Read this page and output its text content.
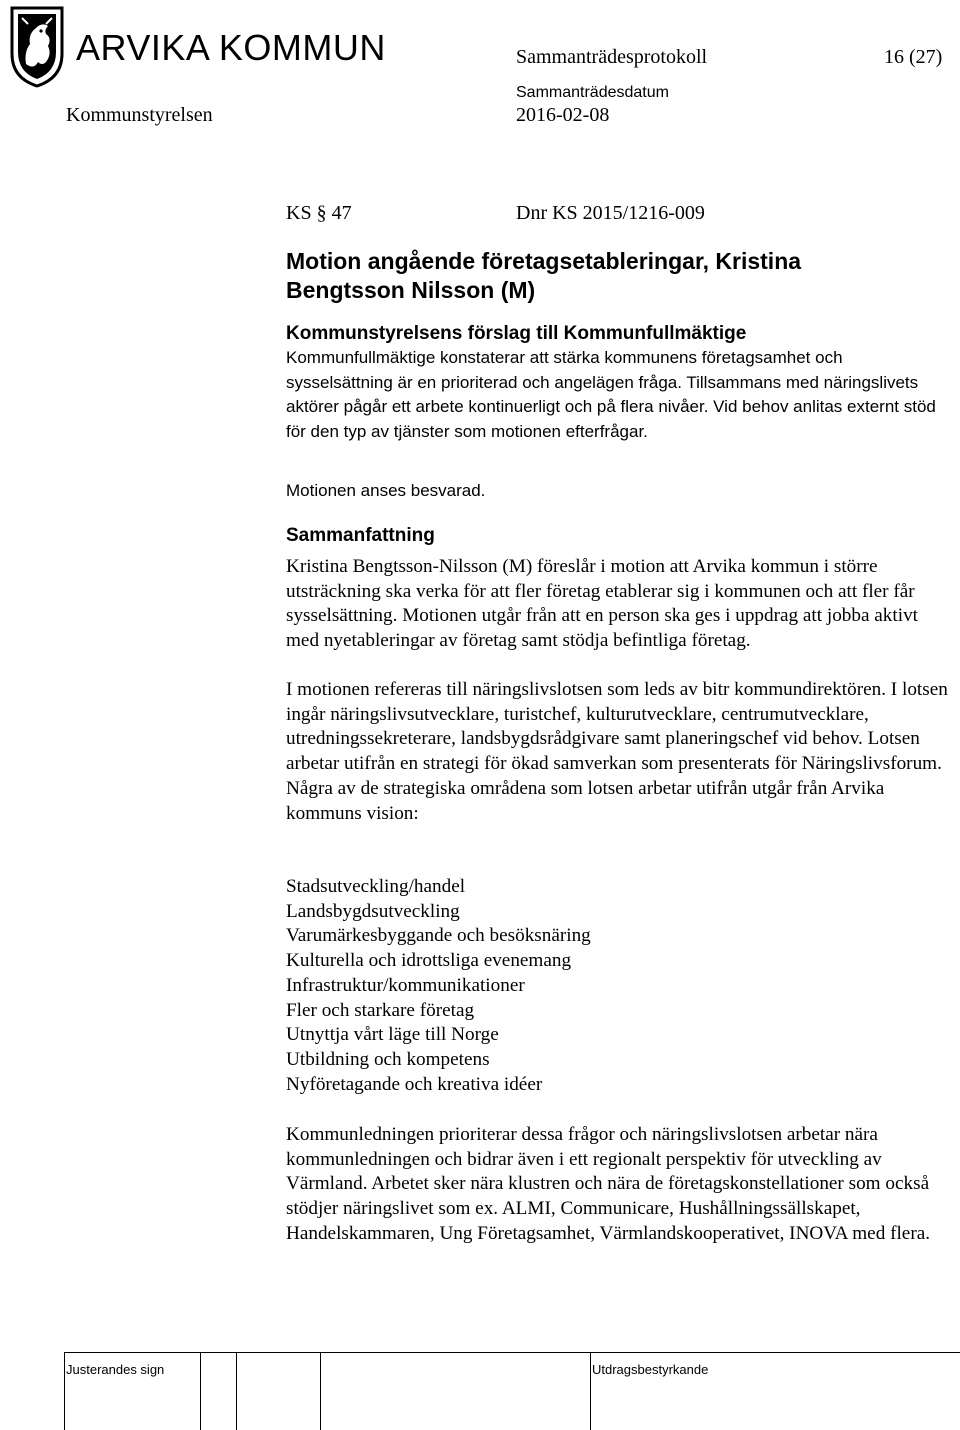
ARVIKA KOMMUN	Sammanträdesprotokoll	16 (27)
Sammanträdesdatum
Kommunstyrelsen	2016-02-08
KS § 47	Dnr KS 2015/1216-009
Motion angående företagsetableringar, Kristina Bengtsson Nilsson (M)
Kommunstyrelsens förslag till Kommunfullmäktige
Kommunfullmäktige konstaterar att stärka kommunens företagsamhet och sysselsättning är en prioriterad och angelägen fråga. Tillsammans med näringslivets aktörer pågår ett arbete kontinuerligt och på flera nivåer. Vid behov anlitas externt stöd för den typ av tjänster som motionen efterfrågar.
Motionen anses besvarad.
Sammanfattning
Kristina Bengtsson-Nilsson (M) föreslår i motion att Arvika kommun i större utsträckning ska verka för att fler företag etablerar sig i kommunen och att fler får sysselsättning. Motionen utgår från att en person ska ges i uppdrag att jobba aktivt med nyetableringar av företag samt stödja befintliga företag.
I motionen refereras till näringslivslotsen som leds av bitr kommundirektören. I lotsen ingår näringslivsutvecklare, turistchef, kulturutvecklare, centrumutvecklare, utredningssekreterare, landsbygdsrådgivare samt planeringschef vid behov. Lotsen arbetar utifrån en strategi för ökad samverkan som presenterats för Näringslivsforum. Några av de strategiska områdena som lotsen arbetar utifrån utgår från Arvika kommuns vision:
Stadsutveckling/handel
Landsbygdsutveckling
Varumärkesbyggande och besöksnäring
Kulturella och idrottsliga evenemang
Infrastruktur/kommunikationer
Fler och starkare företag
Utnyttja vårt läge till Norge
Utbildning och kompetens
Nyföretagande och kreativa idéer
Kommunledningen prioriterar dessa frågor och näringslivslotsen arbetar nära kommunledningen och bidrar även i ett regionalt perspektiv för utveckling av Värmland. Arbetet sker nära klustren och nära de företagskonstellationer som också stödjer näringslivet som ex. ALMI, Communicare, Hushållningssällskapet, Handelskammaren, Ung Företagsamhet, Värmlandskooperativet, INOVA med flera.
Justerandes sign	Utdragsbestyrkande
